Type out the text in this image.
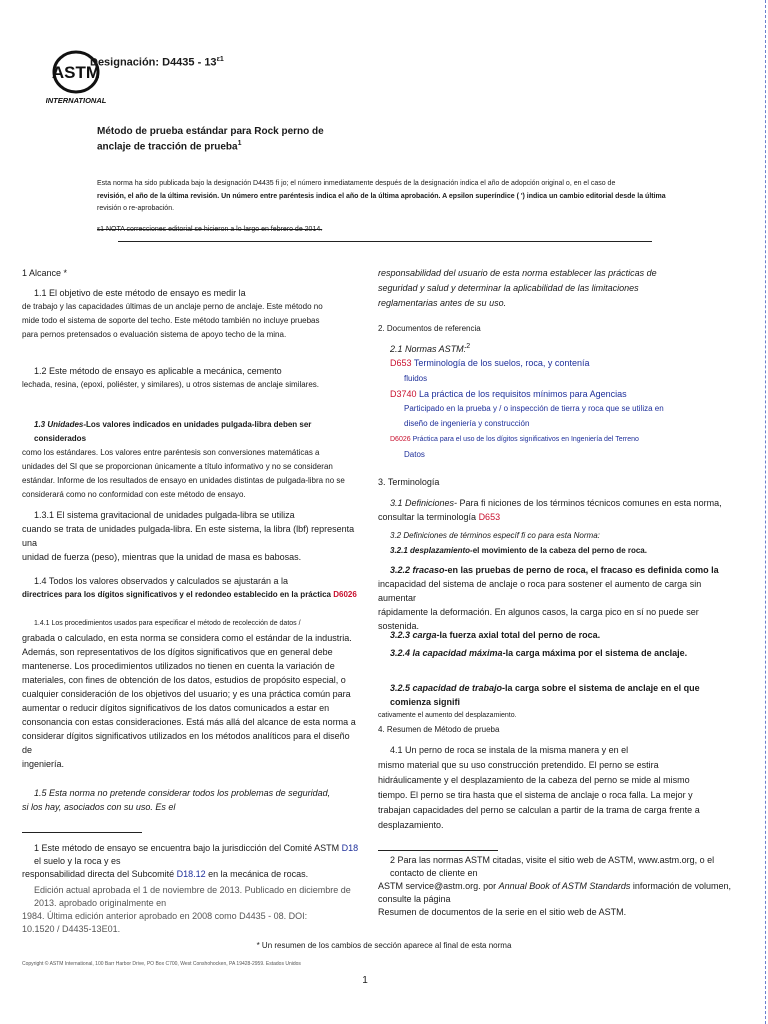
ASTM
INTERNATIONAL
Designación: $D4435 - 13^{\varepsilon 1}$
Método de prueba estándar para Rock perno de
anclaje de tracción de prueba$^1$
Esta norma ha sido publicada bajo la designación D4435 fi jo; el número inmediatamente después de la designación indica el año de adopción original o, en el caso de
revisión, el año de la última revisión. Un número entre paréntesis indica el año de la última aprobación. A epsilon superíndice ( ') indica un cambio editorial desde la última
revisión o re-aprobación.
ε1 NOTA correcciones editorial se hicieron a lo largo en febrero de 2014.
1 Alcance *
1.1 El objetivo de este método de ensayo es medir la
de trabajo y las capacidades últimas de un anclaje perno de anclaje. Este método no
mide todo el sistema de soporte del techo. Este método también no incluye pruebas
para pernos pretensados o evaluación sistema de apoyo techo de la mina.
1.2 Este método de ensayo es aplicable a mecánica, cemento
lechada, resina, (epoxi, poliéster, y similares), u otros sistemas de anclaje similares.
1.3 Unidades-Los valores indicados en unidades pulgada-libra deben ser considerados
como los estándares. Los valores entre paréntesis son conversiones matemáticas a
unidades del SI que se proporcionan únicamente a título informativo y no se consideran
estándar. Informe de los resultados de ensayo en unidades distintas de pulgada-libra no se
considerará como no conformidad con este método de ensayo.
1.3.1 El sistema gravitacional de unidades pulgada-libra se utiliza
cuando se trata de unidades pulgada-libra. En este sistema, la libra (lbf) representa una
unidad de fuerza (peso), mientras que la unidad de masa es babosas.
1.4 Todos los valores observados y calculados se ajustarán a la
directrices para los dígitos significativos y el redondeo establecido en la práctica D6026
1.4.1 Los procedimientos usados para especificar el método de recolección de datos /
grabada o calculado, en esta norma se considera como el estándar de la industria.
Además, son representativos de los dígitos significativos que en general debe
mantenerse. Los procedimientos utilizados no tienen en cuenta la variación de
materiales, con fines de obtención de los datos, estudios de propósito especial, o
cualquier consideración de los objetivos del usuario; y es una práctica común para
aumentar o reducir dígitos significativos de los datos comunicados a estar en
consonancia con estas consideraciones. Está más allá del alcance de esta norma a
considerar dígitos significativos utilizados en los métodos analíticos para el diseño de
ingeniería.
1.5 Esta norma no pretende considerar todos los problemas de seguridad,
si los hay, asociados con su uso. Es el
1 Este método de ensayo se encuentra bajo la jurisdicción del Comité ASTM D18 el suelo y la roca y es
responsabilidad directa del Subcomité D18.12 en la mecánica de rocas.
Edición actual aprobada el 1 de noviembre de 2013. Publicado en diciembre de 2013. aprobado originalmente en
1984. Última edición anterior aprobado en 2008 como D4435 - 08. DOI:
10.1520 / D4435-13E01.
responsabilidad del usuario de esta norma establecer las prácticas de
seguridad y salud y determinar la aplicabilidad de las limitaciones
reglamentarias antes de su uso.
2. Documentos de referencia
2.1 Normas ASTM:$^2$
D653 Terminología de los suelos, roca, y contenía
fluidos
D3740 La práctica de los requisitos mínimos para Agencias
Participado en la prueba y / o inspección de tierra y roca que se utiliza en
diseño de ingeniería y construcción
D6026 Práctica para el uso de los dígitos significativos en Ingeniería del Terreno
Datos
3. Terminología
3.1 Definiciones- Para fi niciones de los términos técnicos comunes en esta norma,
consultar la terminología D653
3.2 Definiciones de términos específ fi co para esta Norma:
3.2.1 desplazamiento-el movimiento de la cabeza del perno de roca.
3.2.2 fracaso-en las pruebas de perno de roca, el fracaso es definida como la
incapacidad del sistema de anclaje o roca para sostener el aumento de carga sin aumentar
rápidamente la deformación. En algunos casos, la carga pico en sí no puede ser sostenida.
3.2.3 carga-la fuerza axial total del perno de roca.
3.2.4 la capacidad máxima-la carga máxima por el sistema de anclaje.
3.2.5 capacidad de trabajo-la carga sobre el sistema de anclaje en el que comienza signifi
cativamente el aumento del desplazamiento.
4. Resumen de Método de prueba
4.1 Un perno de roca se instala de la misma manera y en el
mismo material que su uso construcción pretendido. El perno se estira
hidráulicamente y el desplazamiento de la cabeza del perno se mide al mismo
tiempo. El perno se tira hasta que el sistema de anclaje o roca falla. La mejor y
trabajan capacidades del perno se calculan a partir de la trama de carga frente a
desplazamiento.
2 Para las normas ASTM citadas, visite el sitio web de ASTM, www.astm.org, o el contacto de cliente en
ASTM service@astm.org. por Annual Book of ASTM Standards información de volumen, consulte la página
Resumen de documentos de la serie en el sitio web de ASTM.
* Un resumen de los cambios de sección aparece al final de esta norma
Copyright © ASTM International, 100 Barr Harbor Drive, PO Box C700, West Conshohocken, PA 19428-2959. Estados Unidos
1
